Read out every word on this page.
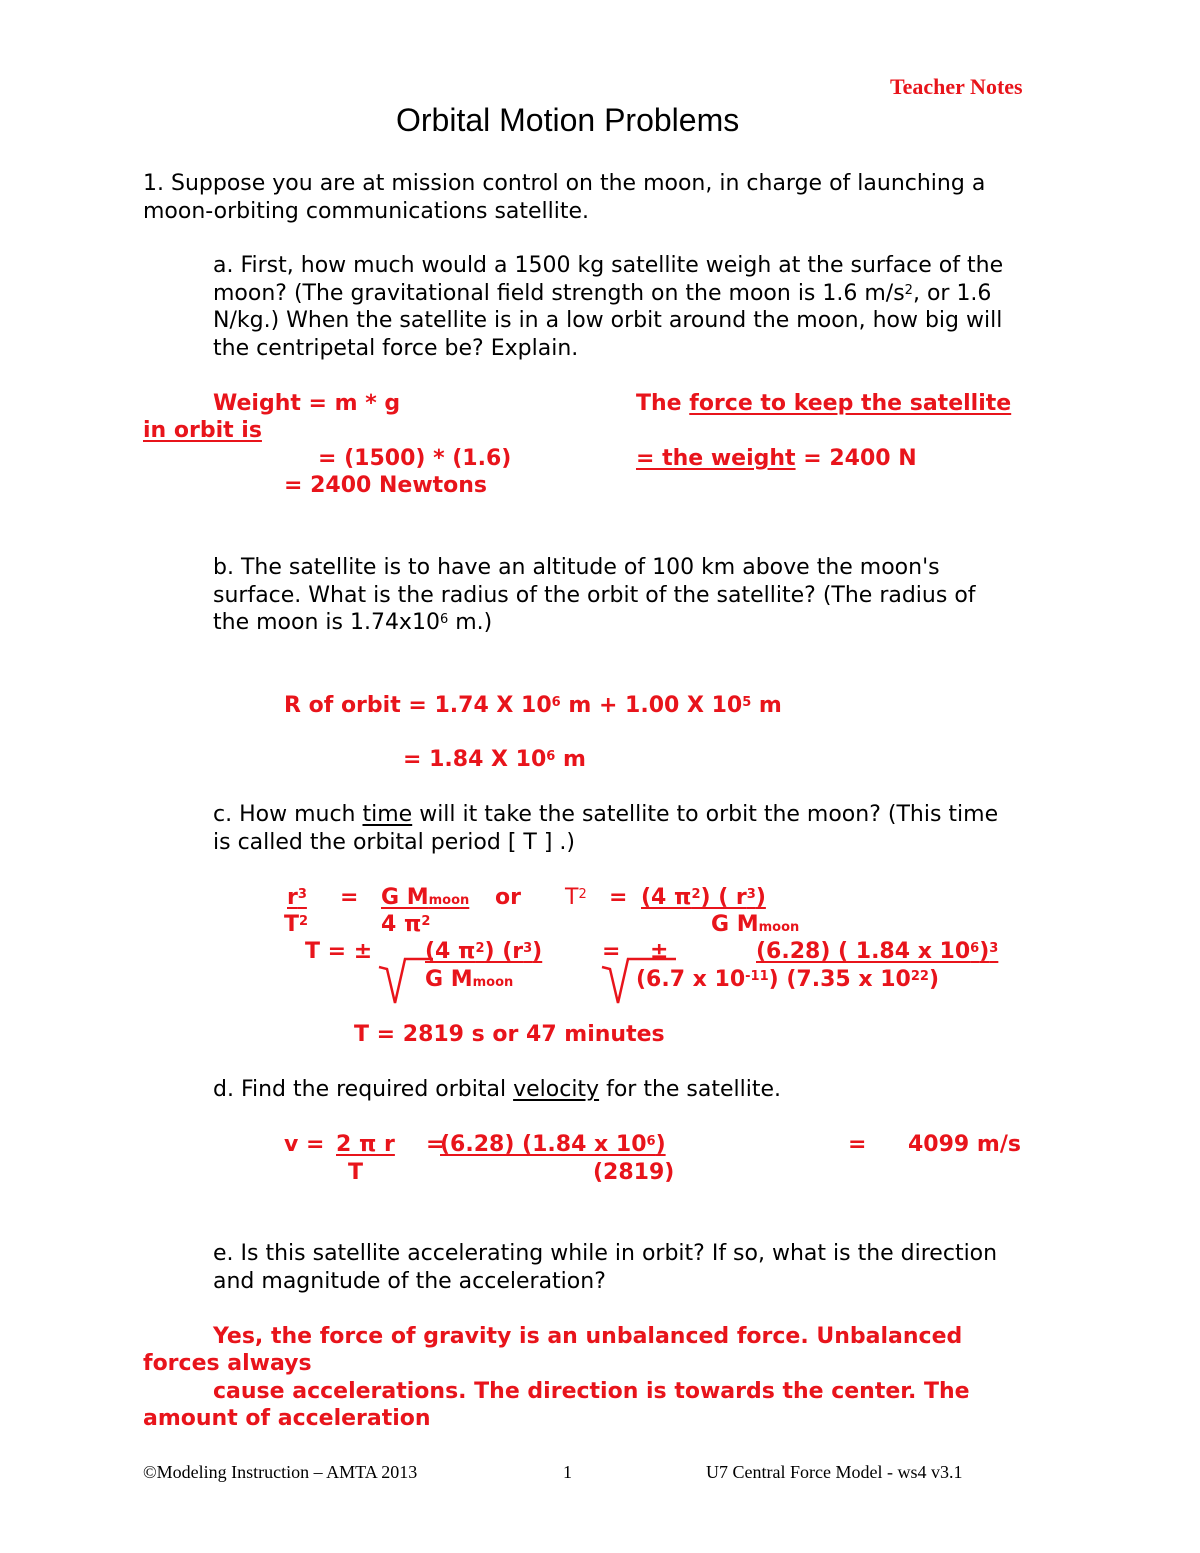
Teacher Notes
Orbital Motion Problems
1. Suppose you are at mission control on the moon, in charge of launching a
moon-orbiting communications satellite.
a. First, how much would a 1500 kg satellite weigh at the surface of the
moon? (The gravitational field strength on the moon is 1.6 $m/s^2$, or 1.6
N/kg.) When the satellite is in a low orbit around the moon, how big will
the centripetal force be? Explain.
Weight = m * g	The force to keep the satellite
in orbit is
= (1500) * (1.6)	= the weight = 2400 N
= 2400 Newtons
b. The satellite is to have an altitude of 100 km above the moon's
surface. What is the radius of the orbit of the satellite? (The radius of
the moon is $1.74x10^6$ m.)
R of orbit = 1.74 X $10^6$ m + 1.00 X $10^5$ m
= 1.84 X $10^6$ m
c. How much time will it take the satellite to orbit the moon? (This time
is called the orbital period [ T ] .)
$r^3$
$T^2$
= G $M_{moon}$
4 $\pi^2$
or $T^2 = (4$ $\pi^2$) ( $r^3$)
G $M_{moon}$
T = ± (4 $\pi^2$) $(r^3)$
G $M_{moon}$
= ±	(6.28) ( 1.84 x $10^6)^3$
(6.7 x $10^{-11}$) (7.35 x $10^{22}$)
T = 2819 s or 47 minutes
d. Find the required orbital velocity for the satellite.
v = 2 π r
T
=
(6.28) (1.84 x $10^6$)
(2819)
= 4099 m/s
e. Is this satellite accelerating while in orbit? If so, what is the direction
and magnitude of the acceleration?
Yes, the force of gravity is an unbalanced force. Unbalanced
forces always
cause accelerations. The direction is towards the center. The
amount of acceleration
©Modeling Instruction – AMTA 2013	1	U7 Central Force Model - ws4 v3.1
